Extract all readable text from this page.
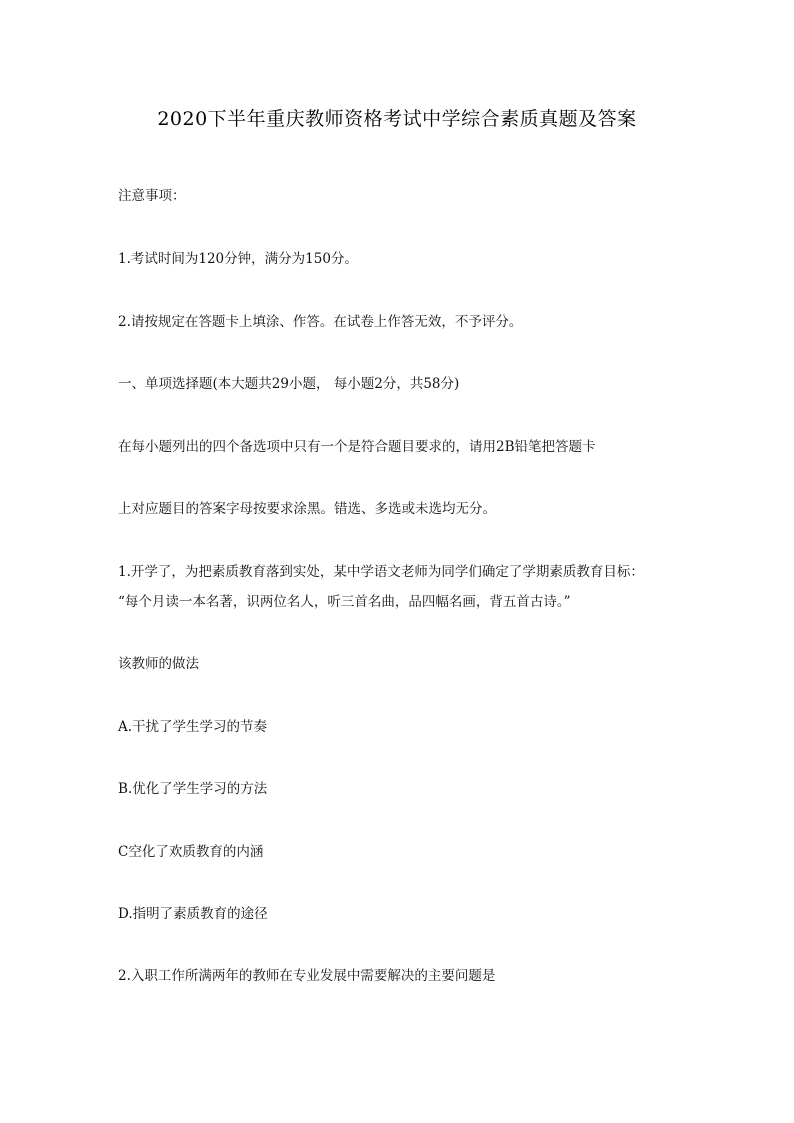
2020下半年重庆教师资格考试中学综合素质真题及答案
注意事项：
1.考试时间为120分钟，满分为150分。
2.请按规定在答题卡上填涂、作答。在试卷上作答无效，不予评分。
一、单项选择题(本大题共29小题， 每小题2分，共58分)
在每小题列出的四个备选项中只有一个是符合题目要求的，请用2B铅笔把答题卡
上对应题目的答案字母按要求涂黑。错选、多选或未选均无分。
1.开学了，为把素质教育落到实处，某中学语文老师为同学们确定了学期素质教育目标：
“每个月读一本名著，识两位名人，听三首名曲，品四幅名画，背五首古诗。”
该教师的做法
A.干扰了学生学习的节奏
B.优化了学生学习的方法
C空化了欢质教育的内涵
D.指明了素质教育的途径
2.入职工作所满两年的教师在专业发展中需要解决的主要问题是
